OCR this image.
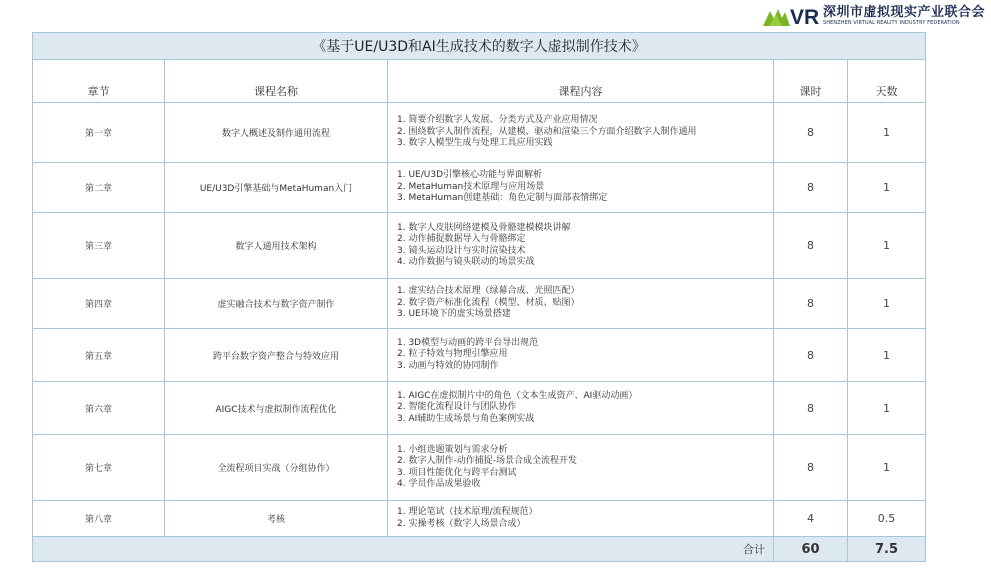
VR 深圳市虚拟现实产业联合会
SHENZHEN VIRTUAL REALITY INDUSTRY FEDERATION
《基于UE/U3D和AI生成技术的数字人虚拟制作技术》				
章节	课程名称	课程内容	课时	天数
第一章	数字人概述及制作通用流程	1. 简要介绍数字人发展、分类方式及产业应用情况
2. 围绕数字人制作流程，从建模、驱动和渲染三个方面介绍数字人制作通用
3. 数字人模型生成与处理工具应用实践	8	1
第二章	UE/U3D引擎基础与MetaHuman入门	1. UE/U3D引擎核心功能与界面解析
2. MetaHuman技术原理与应用场景
3. MetaHuman创建基础：角色定制与面部表情绑定	8	1
第三章	数字人通用技术架构	1. 数字人皮肤网络建模及骨骼建模模块讲解
2. 动作捕捉数据导入与骨骼绑定
3. 镜头运动设计与实时渲染技术
4. 动作数据与镜头联动的场景实战	8	1
第四章	虚实融合技术与数字资产制作	1. 虚实结合技术原理（绿幕合成、光照匹配）
2. 数字资产标准化流程（模型、材质、贴图）
3. UE环境下的虚实场景搭建	8	1
第五章	跨平台数字资产整合与特效应用	1. 3D模型与动画的跨平台导出规范
2. 粒子特效与物理引擎应用
3. 动画与特效的协同制作	8	1
第六章	AIGC技术与虚拟制作流程优化	1. AIGC在虚拟制片中的角色（文本生成资产、AI驱动动画）
2. 智能化流程设计与团队协作
3. AI辅助生成场景与角色案例实战	8	1
第七章	全流程项目实战（分组协作）	1. 小组选题策划与需求分析
2. 数字人制作-动作捕捉-场景合成全流程开发
3. 项目性能优化与跨平台测试
4. 学员作品成果验收	8	1
第八章	考核	1. 理论笔试（技术原理/流程规范）
2. 实操考核（数字人场景合成）	4	0.5
合计			60	7.5
